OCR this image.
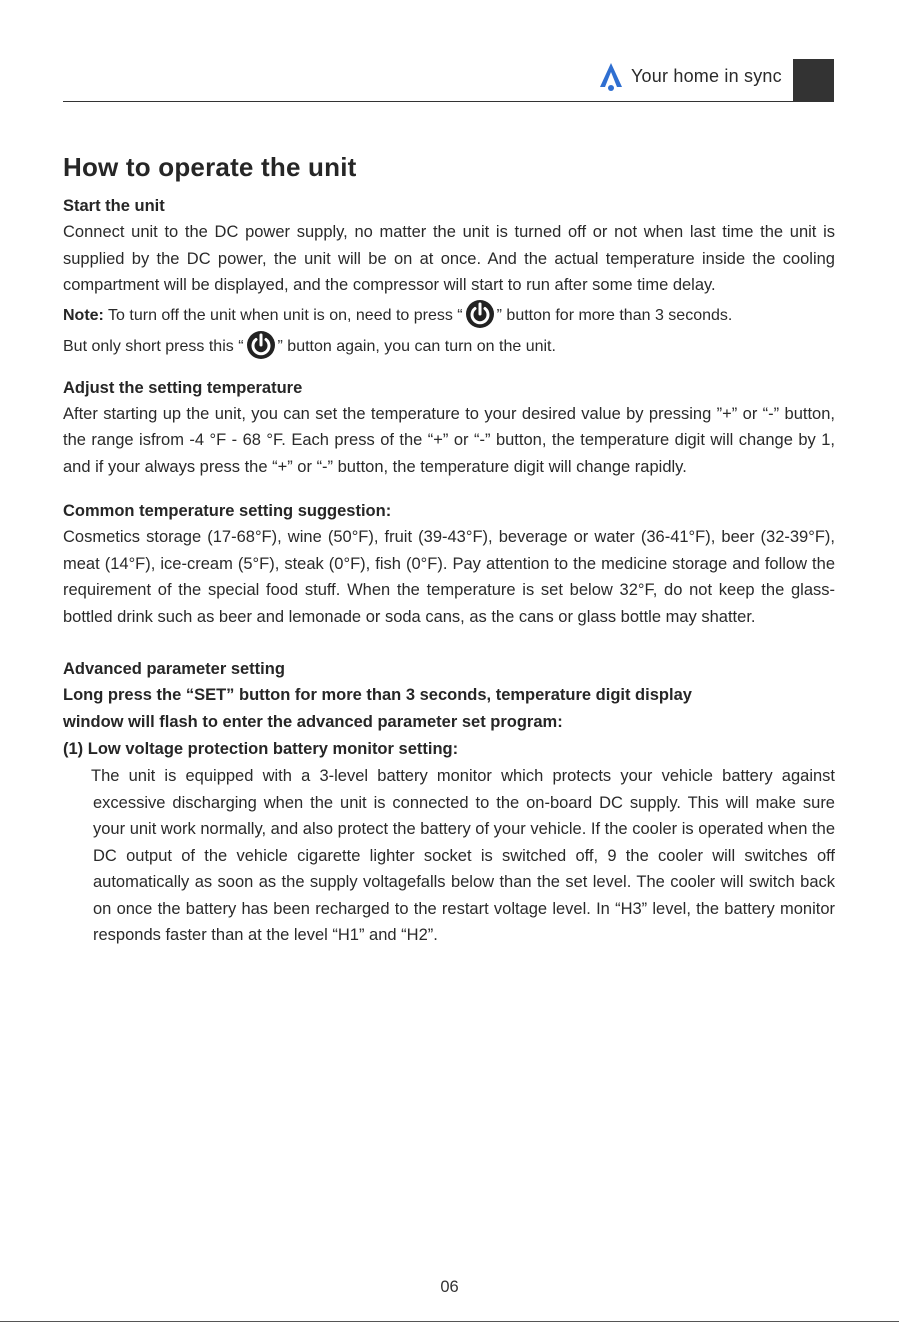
Your home in sync
How to operate the unit
Start the unit

Connect unit to the DC power supply, no matter the unit is turned off or not when last time the unit is supplied by the DC power, the unit will be on at once. And the actual temperature inside the cooling compartment will be displayed, and the compressor will start to run after some time delay.

Note: To turn off the unit when unit is on, need to press “ ” button for more than 3 seconds.

But only short press this “ ” button again, you can turn on the unit.

Adjust the setting temperature

After starting up the unit, you can set the temperature to your desired value by pressing ”+” or “-” button, the range isfrom -4 °F - 68 °F. Each press of the “+” or “-” button, the temperature digit will change by 1, and if your always press the “+” or “-” button, the temperature digit will change rapidly.

Common temperature setting suggestion:

Cosmetics storage (17-68°F), wine (50°F), fruit (39-43°F), beverage or water (36-41°F), beer (32-39°F), meat (14°F), ice-cream (5°F), steak (0°F), fish (0°F). Pay attention to the medicine storage and follow the requirement of the special food stuff. When the temperature is set below 32°F, do not keep the glass-bottled drink such as beer and lemonade or soda cans, as the cans or glass bottle may shatter.

Advanced parameter setting

Long press the “SET” button for more than 3 seconds, temperature digit display

window will flash to enter the advanced parameter set program:

(1) Low voltage protection battery monitor setting:

The unit is equipped with a 3-level battery monitor which protects your vehicle battery against excessive discharging when the unit is connected to the on-board DC supply. This will make sure your unit work normally, and also protect the battery of your vehicle. If the cooler is operated when the DC output of the vehicle cigarette lighter socket is switched off, 9 the cooler will switches off automatically as soon as the supply voltagefalls below than the set level. The cooler will switch back on once the battery has been recharged to the restart voltage level. In “H3” level, the battery monitor responds faster than at the level “H1” and “H2”.

06
